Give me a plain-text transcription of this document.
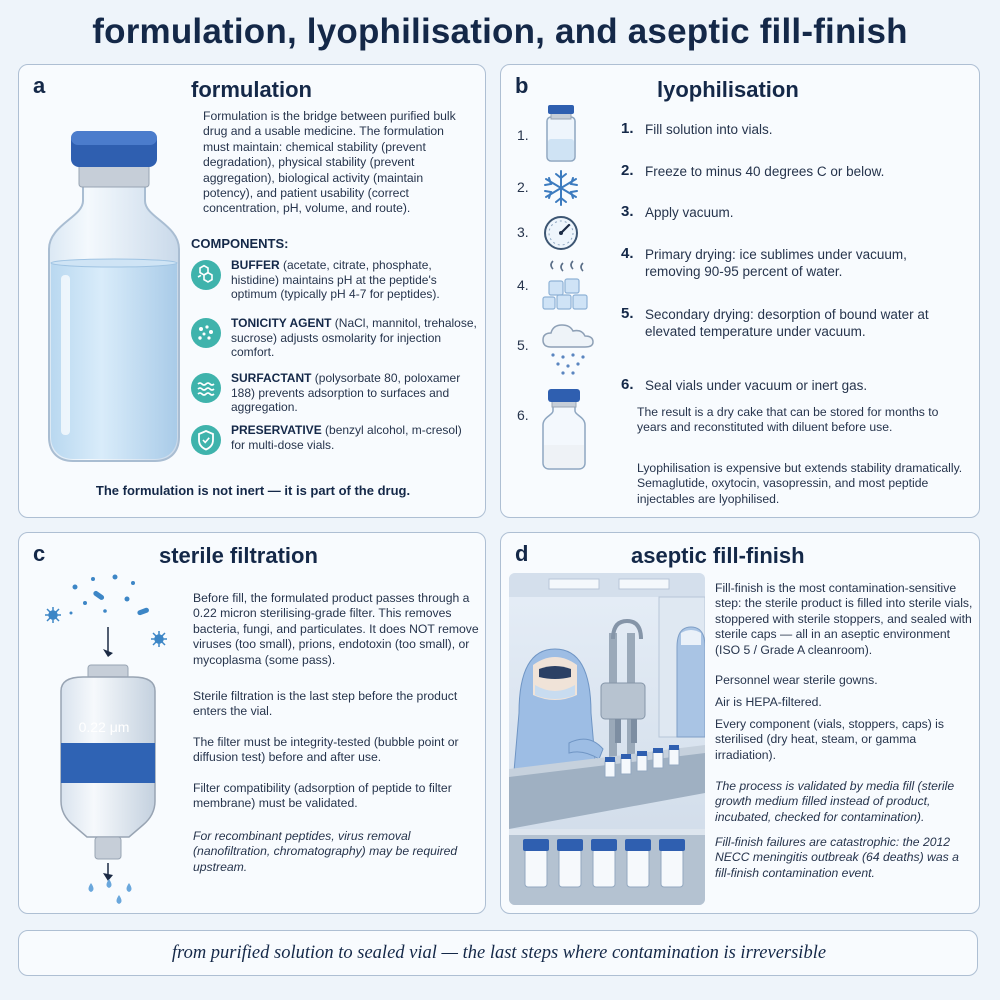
formulation, lyophilisation, and aseptic fill-finish
a	formulation
Formulation is the bridge between purified bulk drug and a usable medicine. The formulation must maintain: chemical stability (prevent degradation), physical stability (prevent aggregation), biological activity (maintain potency), and patient usability (correct concentration, pH, volume, and route).
COMPONENTS:
BUFFER (acetate, citrate, phosphate, histidine) maintains pH at the peptide's optimum (typically pH 4-7 for peptides).
TONICITY AGENT (NaCl, mannitol, trehalose, sucrose) adjusts osmolarity for injection comfort.
SURFACTANT (polysorbate 80, poloxamer 188) prevents adsorption to surfaces and aggregation.
PRESERVATIVE (benzyl alcohol, m-cresol) for multi-dose vials.
The formulation is not inert — it is part of the drug.
b	lyophilisation
1.
2.
3.
4.
5.
6.
1. Fill solution into vials.
2. Freeze to minus 40 degrees C or below.
3. Apply vacuum.
4. Primary drying: ice sublimes under vacuum, removing 90-95 percent of water.
5. Secondary drying: desorption of bound water at elevated temperature under vacuum.
6. Seal vials under vacuum or inert gas.
The result is a dry cake that can be stored for months to years and reconstituted with diluent before use.
Lyophilisation is expensive but extends stability dramatically. Semaglutide, oxytocin, vasopressin, and most peptide injectables are lyophilised.
c	sterile filtration
0.22 μm
Before fill, the formulated product passes through a 0.22 micron sterilising-grade filter. This removes bacteria, fungi, and particulates. It does NOT remove viruses (too small), prions, endotoxin (too small), or mycoplasma (some pass).
Sterile filtration is the last step before the product enters the vial.
The filter must be integrity-tested (bubble point or diffusion test) before and after use.
Filter compatibility (adsorption of peptide to filter membrane) must be validated.
For recombinant peptides, virus removal (nanofiltration, chromatography) may be required upstream.
d	aseptic fill-finish
Fill-finish is the most contamination-sensitive step: the sterile product is filled into sterile vials, stoppered with sterile stoppers, and sealed with sterile caps — all in an aseptic environment (ISO 5 / Grade A cleanroom).
Personnel wear sterile gowns.
Air is HEPA-filtered.
Every component (vials, stoppers, caps) is sterilised (dry heat, steam, or gamma irradiation).
The process is validated by media fill (sterile growth medium filled instead of product, incubated, checked for contamination).
Fill-finish failures are catastrophic: the 2012 NECC meningitis outbreak (64 deaths) was a fill-finish contamination event.
from purified solution to sealed vial — the last steps where contamination is irreversible
